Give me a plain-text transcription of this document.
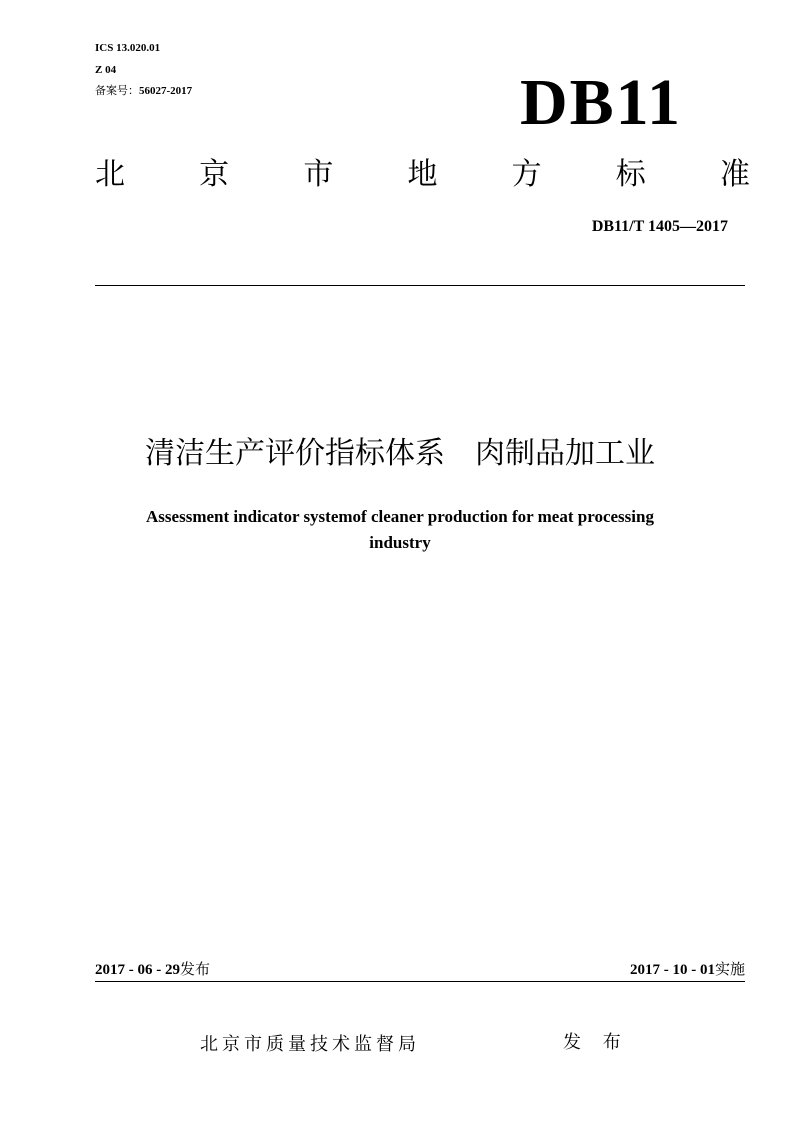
ICS 13.020.01
Z 04
备案号：56027-2017	DB11
北 京 市 地 方 标 准
DB11/T 1405—2017
清洁生产评价指标体系　肉制品加工业
Assessment indicator systemof cleaner production for meat processing
industry
2017 - 06 - 29发布	2017 - 10 - 01实施
北京市质量技术监督局	发 布
